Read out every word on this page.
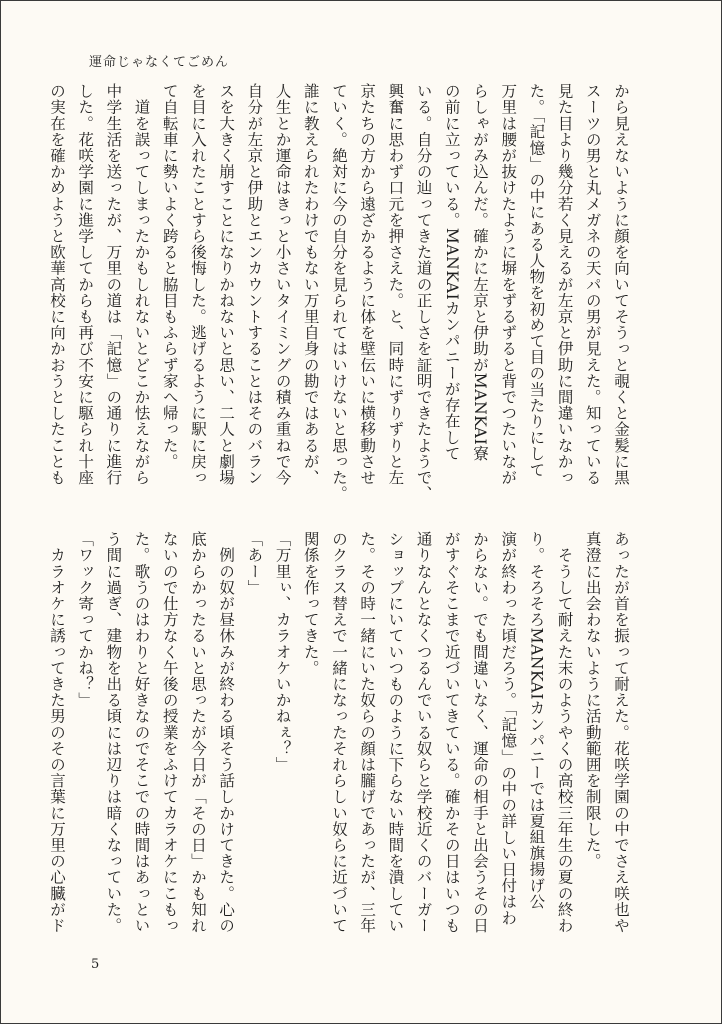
運命じゃなくてごめん
から見えないように顔を向いてそうっと覗くと金髪に黒
スーツの男と丸メガネの天パの男が見えた。知っている
見た目より幾分若く見えるが左京と伊助に間違いなかっ
た。「記憶」の中にある人物を初めて目の当たりにして
万里は腰が抜けたように塀をずるずると背でつたいなが
らしゃがみ込んだ。確かに左京と伊助がMANKAI寮
の前に立っている。MANKAIカンパニーが存在して
いる。自分の辿ってきた道の正しさを証明できたようで、
興奮に思わず口元を押さえた。と、同時にずりずりと左
京たちの方から遠ざかるように体を壁伝いに横移動させ
ていく。絶対に今の自分を見られてはいけないと思った。
誰に教えられたわけでもない万里自身の勘ではあるが、
人生とか運命はきっと小さいタイミングの積み重ねで今
自分が左京と伊助とエンカウントすることはそのバラン
スを大きく崩すことになりかねないと思い、二人と劇場
を目に入れたことすら後悔した。逃げるように駅に戻っ
て自転車に勢いよく跨ると脇目もふらず家へ帰った。
　道を誤ってしまったかもしれないとどこか怯えながら
中学生活を送ったが、万里の道は「記憶」の通りに進行
した。花咲学園に進学してからも再び不安に駆られ十座
の実在を確かめようと欧華高校に向かおうとしたことも
あったが首を振って耐えた。花咲学園の中でさえ咲也や
真澄に出会わないように活動範囲を制限した。
　そうして耐えた末のようやくの高校三年生の夏の終わ
り。そろそろMANKAIカンパニーでは夏組旗揚げ公
演が終わった頃だろう。「記憶」の中の詳しい日付はわ
からない。でも間違いなく、運命の相手と出会うその日
がすぐそこまで近づいてきている。確かその日はいつも
通りなんとなくつるんでいる奴らと学校近くのバーガー
ショップにいていつものように下らない時間を潰してい
た。その時一緒にいた奴らの顔は朧げであったが、三年
のクラス替えで一緒になったそれらしい奴らに近づいて
関係を作ってきた。
「万里ぃ、カラオケいかねぇ？」
「あー」
　例の奴が昼休みが終わる頃そう話しかけてきた。心の
底からかったるいと思ったが今日が「その日」かも知れ
ないので仕方なく午後の授業をふけてカラオケにこもっ
た。歌うのはわりと好きなのでそこでの時間はあっとい
う間に過ぎ、建物を出る頃には辺りは暗くなっていた。
「ワック寄ってかね？」
　カラオケに誘ってきた男のその言葉に万里の心臓がド
5
